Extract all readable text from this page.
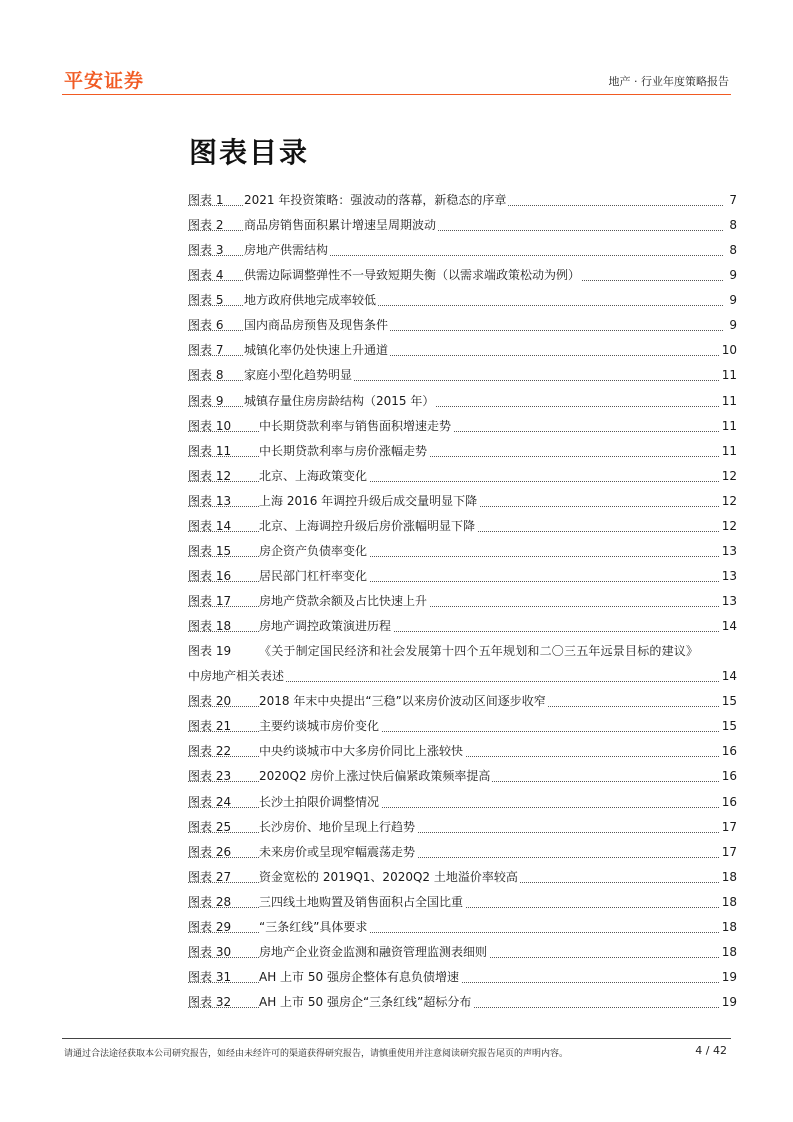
平安证券	地产 · 行业年度策略报告
图表目录
图表 1 2021 年投资策略：强波动的落幕，新稳态的序章	7
图表 2 商品房销售面积累计增速呈周期波动	8
图表 3 房地产供需结构	8
图表 4 供需边际调整弹性不一导致短期失衡（以需求端政策松动为例）	9
图表 5 地方政府供地完成率较低	9
图表 6 国内商品房预售及现售条件	9
图表 7 城镇化率仍处快速上升通道	10
图表 8 家庭小型化趋势明显	11
图表 9 城镇存量住房房龄结构（2015 年）	11
图表 10 中长期贷款利率与销售面积增速走势	11
图表 11 中长期贷款利率与房价涨幅走势	11
图表 12 北京、上海政策变化	12
图表 13 上海 2016 年调控升级后成交量明显下降	12
图表 14 北京、上海调控升级后房价涨幅明显下降	12
图表 15 房企资产负债率变化	13
图表 16 居民部门杠杆率变化	13
图表 17 房地产贷款余额及占比快速上升	13
图表 18 房地产调控政策演进历程	14
图表 19 《关于制定国民经济和社会发展第十四个五年规划和二〇三五年远景目标的建议》
中房地产相关表述	14
图表 20 2018 年末中央提出“三稳”以来房价波动区间逐步收窄	15
图表 21 主要约谈城市房价变化	15
图表 22 中央约谈城市中大多房价同比上涨较快	16
图表 23 2020Q2 房价上涨过快后偏紧政策频率提高	16
图表 24 长沙土拍限价调整情况	16
图表 25 长沙房价、地价呈现上行趋势	17
图表 26 未来房价或呈现窄幅震荡走势	17
图表 27 资金宽松的 2019Q1、2020Q2 土地溢价率较高	18
图表 28 三四线土地购置及销售面积占全国比重	18
图表 29 “三条红线”具体要求	18
图表 30 房地产企业资金监测和融资管理监测表细则	18
图表 31 AH 上市 50 强房企整体有息负债增速	19
图表 32 AH 上市 50 强房企“三条红线”超标分布	19
请通过合法途径获取本公司研究报告，如经由未经许可的渠道获得研究报告，请慎重使用并注意阅读研究报告尾页的声明内容。	4 / 42
